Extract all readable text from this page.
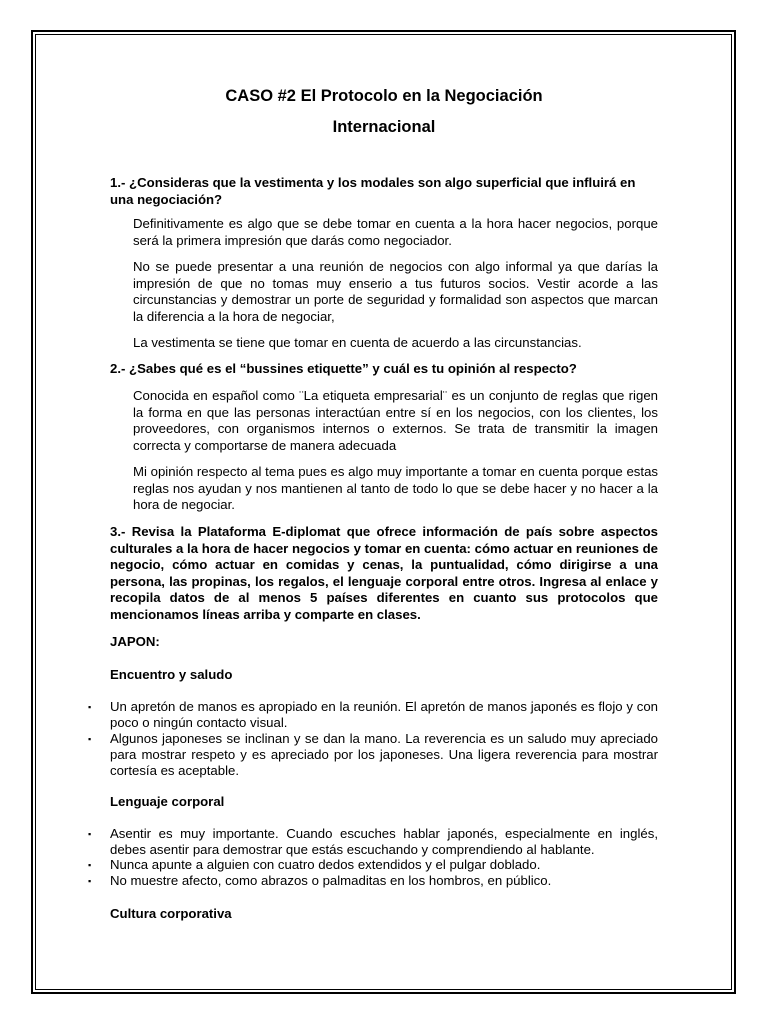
CASO #2 El Protocolo en la Negociación
Internacional

1.- ¿Consideras que la vestimenta y los modales son algo superficial que influirá en una negociación?

Definitivamente es algo que se debe tomar en cuenta a la hora hacer negocios, porque será la primera impresión que darás como negociador.

No se puede presentar a una reunión de negocios con algo informal ya que darías la impresión de que no tomas muy enserio a tus futuros socios. Vestir acorde a las circunstancias y demostrar un porte de seguridad y formalidad son aspectos que marcan la diferencia a la hora de negociar,

La vestimenta se tiene que tomar en cuenta de acuerdo a las circunstancias.

2.- ¿Sabes qué es el “bussines etiquette” y cuál es tu opinión al respecto?

Conocida en español como ¨La etiqueta empresarial¨ es un conjunto de reglas que rigen la forma en que las personas interactúan entre sí en los negocios, con los clientes, los proveedores, con organismos internos o externos. Se trata de transmitir la imagen correcta y comportarse de manera adecuada

Mi opinión respecto al tema pues es algo muy importante a tomar en cuenta porque estas reglas nos ayudan y nos mantienen al tanto de todo lo que se debe hacer y no hacer a la hora de negociar.

3.- Revisa la Plataforma E-diplomat que ofrece información de país sobre aspectos culturales a la hora de hacer negocios y tomar en cuenta: cómo actuar en reuniones de negocio, cómo actuar en comidas y cenas, la puntualidad, cómo dirigirse a una persona, las propinas, los regalos, el lenguaje corporal entre otros. Ingresa al enlace y recopila datos de al menos 5 países diferentes en cuanto sus protocolos que mencionamos líneas arriba y comparte en clases.

JAPON:

Encuentro y saludo

▪	Un apretón de manos es apropiado en la reunión. El apretón de manos japonés es flojo y con poco o ningún contacto visual.
▪	Algunos japoneses se inclinan y se dan la mano. La reverencia es un saludo muy apreciado para mostrar respeto y es apreciado por los japoneses. Una ligera reverencia para mostrar cortesía es aceptable.

Lenguaje corporal

▪	Asentir es muy importante. Cuando escuches hablar japonés, especialmente en inglés, debes asentir para demostrar que estás escuchando y comprendiendo al hablante.
▪	Nunca apunte a alguien con cuatro dedos extendidos y el pulgar doblado.
▪	No muestre afecto, como abrazos o palmaditas en los hombros, en público.

Cultura corporativa
